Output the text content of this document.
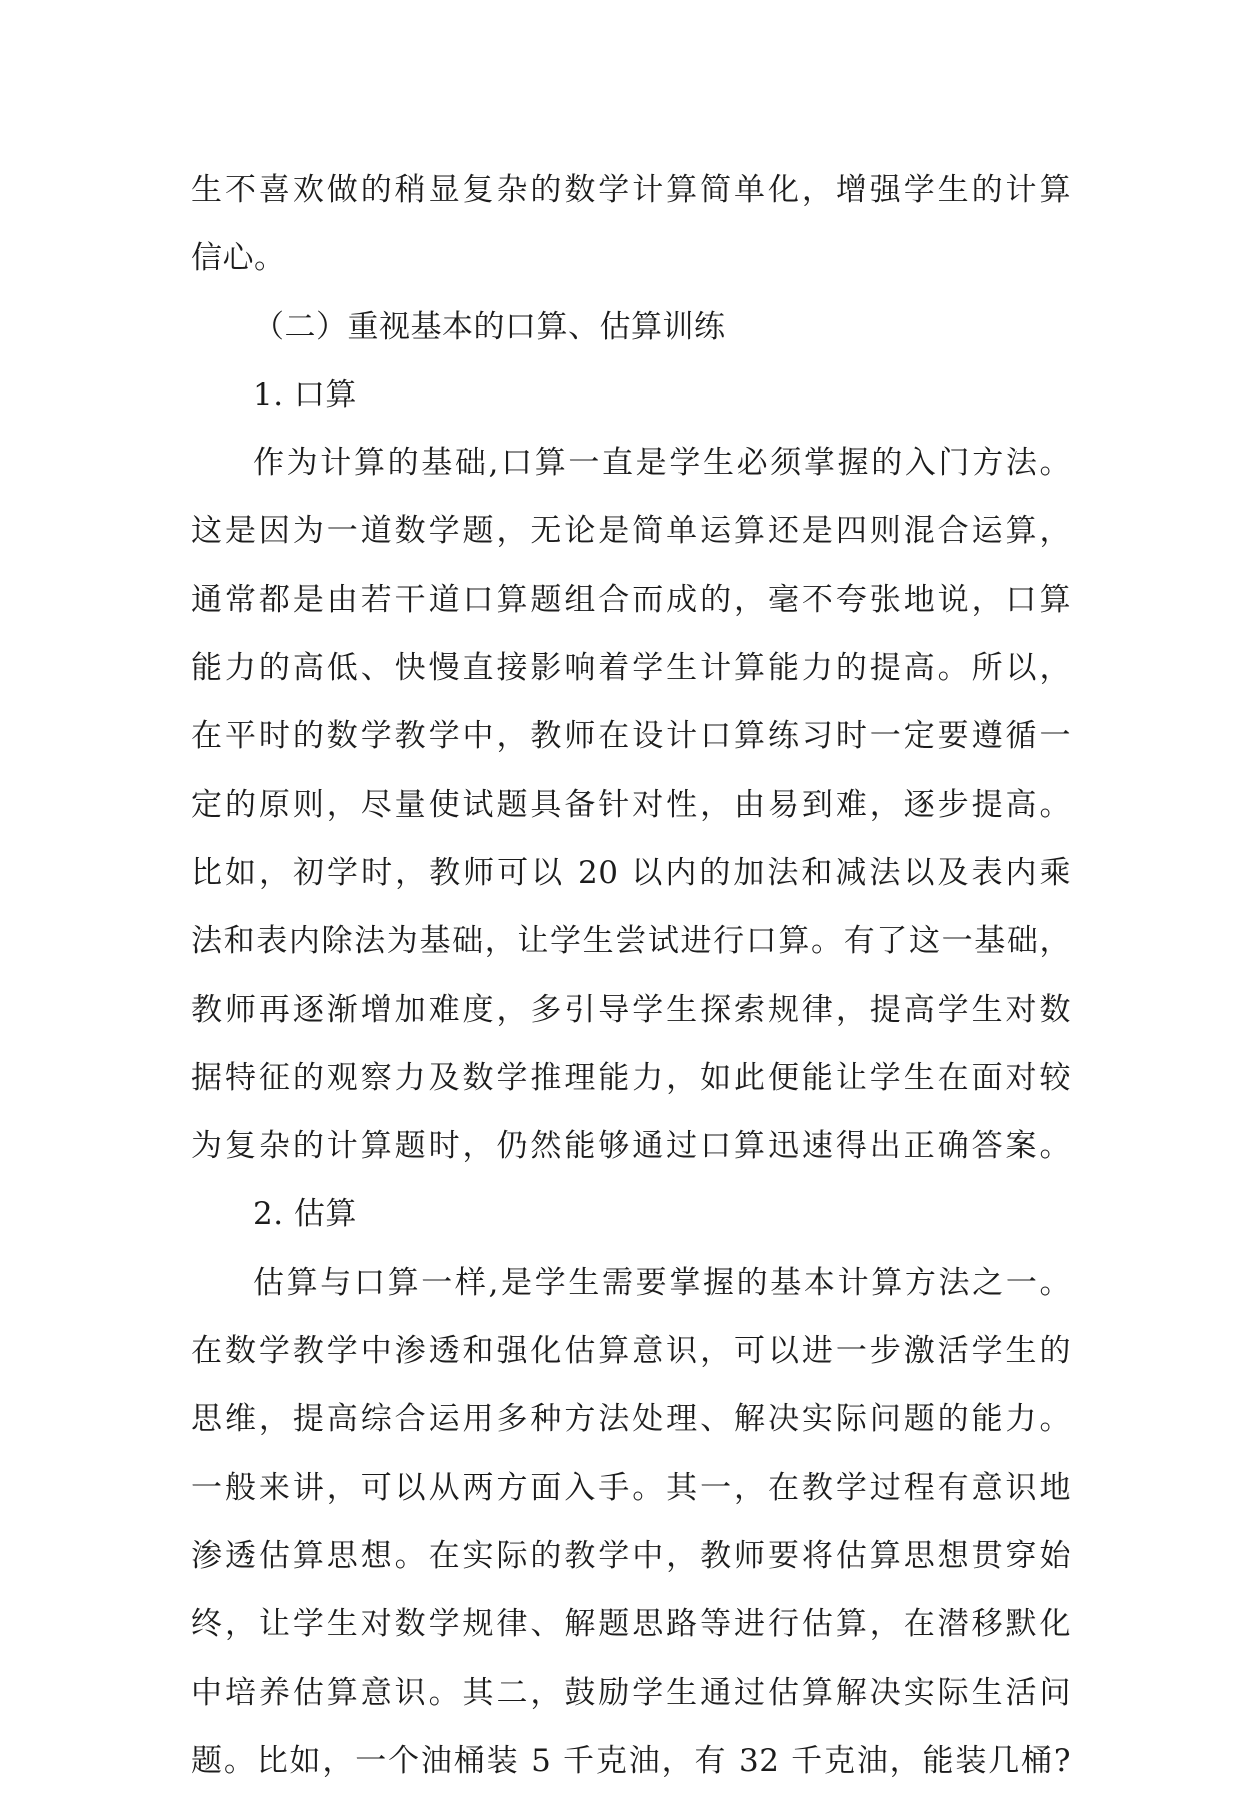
生不喜欢做的稍显复杂的数学计算简单化，增强学生的计算
信心。
（二）重视基本的口算、估算训练
1. 口算
作为计算的基础,口算一直是学生必须掌握的入门方法。
这是因为一道数学题，无论是简单运算还是四则混合运算，
通常都是由若干道口算题组合而成的，毫不夸张地说，口算
能力的高低、快慢直接影响着学生计算能力的提高。所以，
在平时的数学教学中，教师在设计口算练习时一定要遵循一
定的原则，尽量使试题具备针对性，由易到难，逐步提高。
比如，初学时，教师可以 20 以内的加法和减法以及表内乘
法和表内除法为基础，让学生尝试进行口算。有了这一基础，
教师再逐渐增加难度，多引导学生探索规律，提高学生对数
据特征的观察力及数学推理能力，如此便能让学生在面对较
为复杂的计算题时，仍然能够通过口算迅速得出正确答案。
2. 估算
估算与口算一样,是学生需要掌握的基本计算方法之一。
在数学教学中渗透和强化估算意识，可以进一步激活学生的
思维，提高综合运用多种方法处理、解决实际问题的能力。
一般来讲，可以从两方面入手。其一，在教学过程有意识地
渗透估算思想。在实际的教学中，教师要将估算思想贯穿始
终，让学生对数学规律、解题思路等进行估算，在潜移默化
中培养估算意识。其二，鼓励学生通过估算解决实际生活问
题。比如，一个油桶装 5 千克油，有 32 千克油，能装几桶?
